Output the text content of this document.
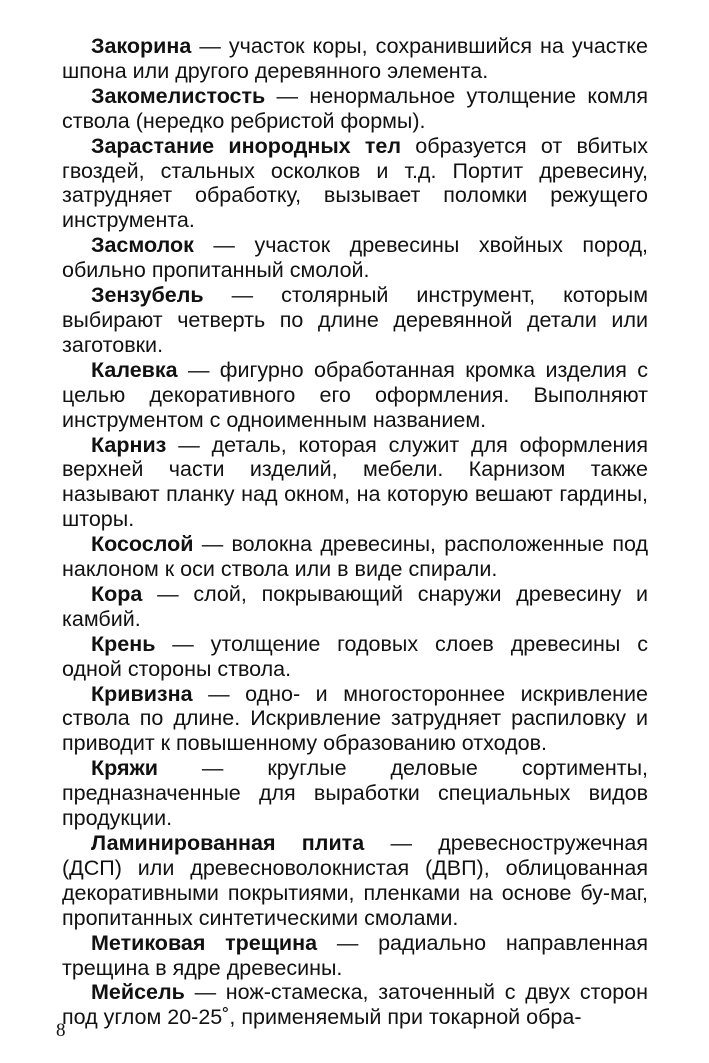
Закорина — участок коры, сохранившийся на участке шпона или другого деревянного элемента.

Закомелистость — ненормальное утолщение комля ствола (нередко ребристой формы).

Зарастание инородных тел образуется от вбитых гвоздей, стальных осколков и т.д. Портит древесину, затрудняет обработку, вызывает поломки режущего инструмента.

Засмолок — участок древесины хвойных пород, обильно пропитанный смолой.

Зензубель — столярный инструмент, которым выбирают четверть по длине деревянной детали или заготовки.

Калевка — фигурно обработанная кромка изделия с целью декоративного его оформления. Выполняют инструментом с одноименным названием.

Карниз — деталь, которая служит для оформления верхней части изделий, мебели. Карнизом также называют планку над окном, на которую вешают гардины, шторы.

Косослой — волокна древесины, расположенные под наклоном к оси ствола или в виде спирали.

Кора — слой, покрывающий снаружи древесину и камбий.

Крень — утолщение годовых слоев древесины с одной стороны ствола.

Кривизна — одно- и многостороннее искривление ствола по длине. Искривление затрудняет распиловку и приводит к повышенному образованию отходов.

Кряжи — круглые деловые сортименты, предназначенные для выработки специальных видов продукции.

Ламинированная плита — древесностружечная (ДСП) или древесноволокнистая (ДВП), облицованная декоративными покрытиями, пленками на основе бу-маг, пропитанных синтетическими смолами.

Метиковая трещина — радиально направленная трещина в ядре древесины.

Мейсель — нож-стамеска, заточенный с двух сторон под углом 20-25˚, применяемый при токарной обра-

8
